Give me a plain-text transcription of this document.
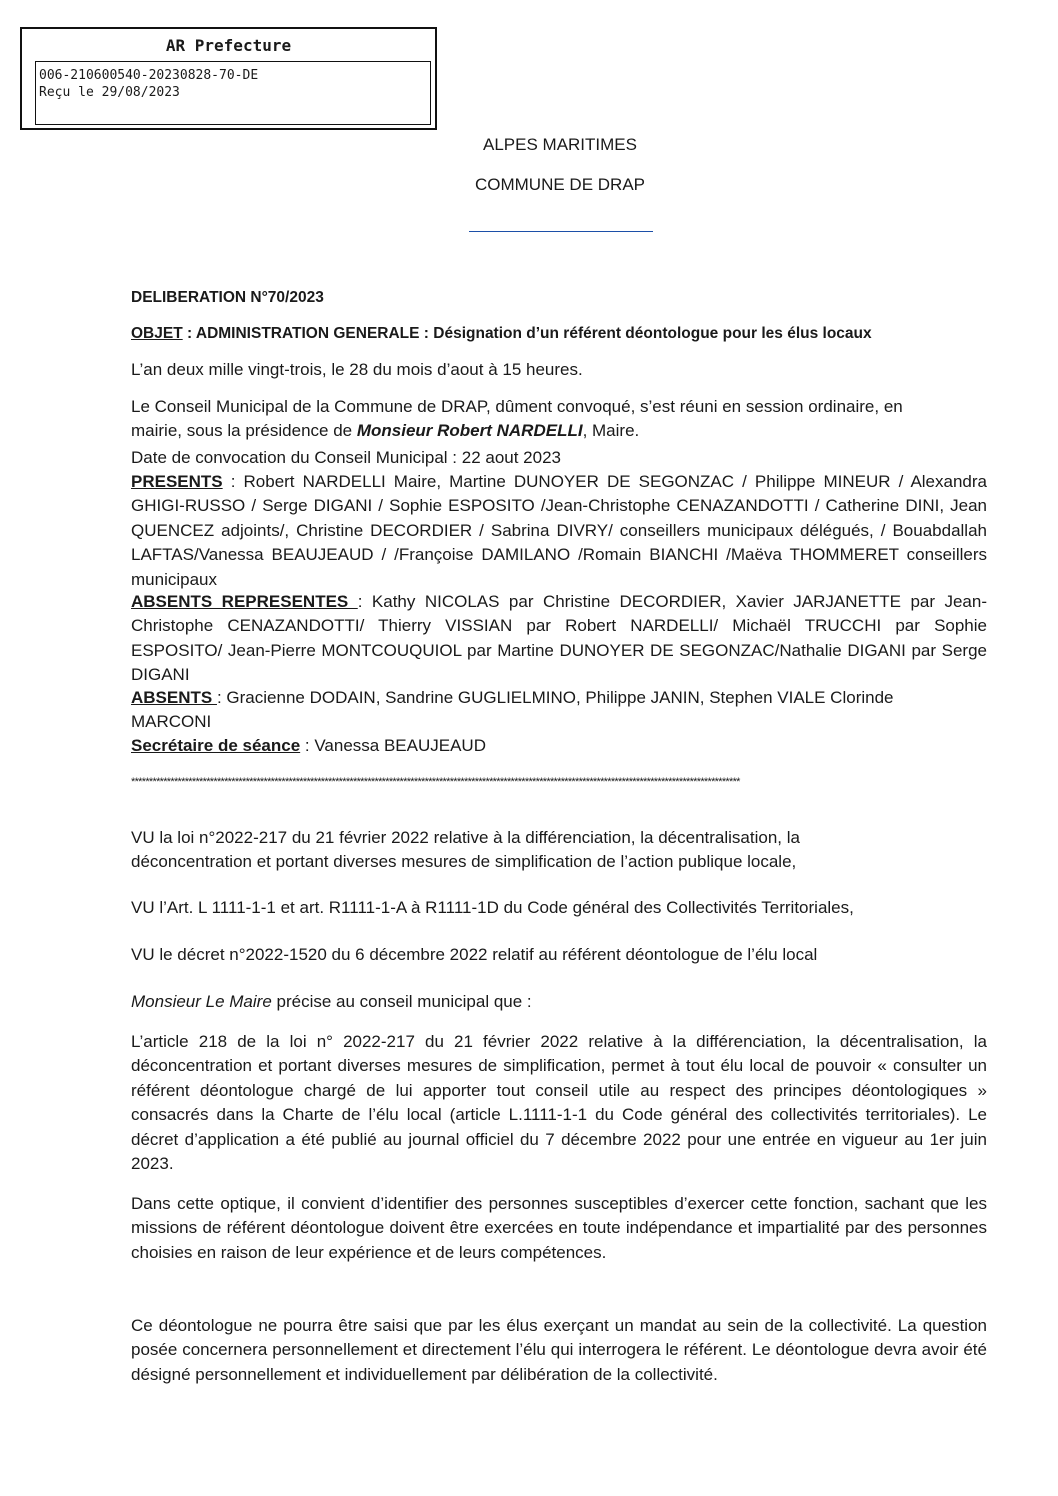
AR Prefecture
006-210600540-20230828-70-DE
Reçu le 29/08/2023
ALPES MARITIMES
COMMUNE DE DRAP
DELIBERATION N°70/2023
OBJET : ADMINISTRATION GENERALE : Désignation d’un référent déontologue pour les élus locaux
L’an deux mille vingt-trois, le 28 du mois d’aout à 15 heures.
Le Conseil Municipal de la Commune de DRAP, dûment convoqué, s’est réuni en session ordinaire, en mairie, sous la présidence de Monsieur Robert NARDELLI, Maire.
Date de convocation du Conseil Municipal : 22 aout 2023
PRESENTS : Robert NARDELLI Maire, Martine DUNOYER DE SEGONZAC / Philippe MINEUR / Alexandra GHIGI-RUSSO / Serge DIGANI / Sophie ESPOSITO /Jean-Christophe CENAZANDOTTI / Catherine DINI, Jean QUENCEZ adjoints/, Christine DECORDIER / Sabrina DIVRY/ conseillers municipaux délégués, / Bouabdallah LAFTAS/Vanessa BEAUJEAUD / /Françoise DAMILANO /Romain BIANCHI /Maëva THOMMERET conseillers municipaux
ABSENTS REPRESENTES : Kathy NICOLAS par Christine DECORDIER, Xavier JARJANETTE par Jean-Christophe CENAZANDOTTI/ Thierry VISSIAN par Robert NARDELLI/ Michaël TRUCCHI par Sophie ESPOSITO/ Jean-Pierre MONTCOUQUIOL par Martine DUNOYER DE SEGONZAC/Nathalie DIGANI par Serge DIGANI
ABSENTS : Gracienne DODAIN, Sandrine GUGLIELMINO, Philippe JANIN, Stephen VIALE Clorinde MARCONI
Secrétaire de séance : Vanessa BEAUJEAUD
**************************************************************************************************************************************************************************
VU la loi n°2022-217 du 21 février 2022 relative à la différenciation, la décentralisation, la déconcentration et portant diverses mesures de simplification de l’action publique locale,
VU l’Art. L 1111-1-1 et art. R1111-1-A à R1111-1D du Code général des Collectivités Territoriales,
VU le décret n°2022-1520 du 6 décembre 2022 relatif au référent déontologue de l’élu local
Monsieur Le Maire précise au conseil municipal que :
L’article 218 de la loi n° 2022-217 du 21 février 2022 relative à la différenciation, la décentralisation, la déconcentration et portant diverses mesures de simplification, permet à tout élu local de pouvoir « consulter un référent déontologue chargé de lui apporter tout conseil utile au respect des principes déontologiques » consacrés dans la Charte de l’élu local (article L.1111-1-1 du Code général des collectivités territoriales). Le décret d’application a été publié au journal officiel du 7 décembre 2022 pour une entrée en vigueur au 1er juin 2023.
Dans cette optique, il convient d’identifier des personnes susceptibles d’exercer cette fonction, sachant que les missions de référent déontologue doivent être exercées en toute indépendance et impartialité par des personnes choisies en raison de leur expérience et de leurs compétences.
Ce déontologue ne pourra être saisi que par les élus exerçant un mandat au sein de la collectivité. La question posée concernera personnellement et directement l’élu qui interrogera le référent. Le déontologue devra avoir été désigné personnellement et individuellement par délibération de la collectivité.
